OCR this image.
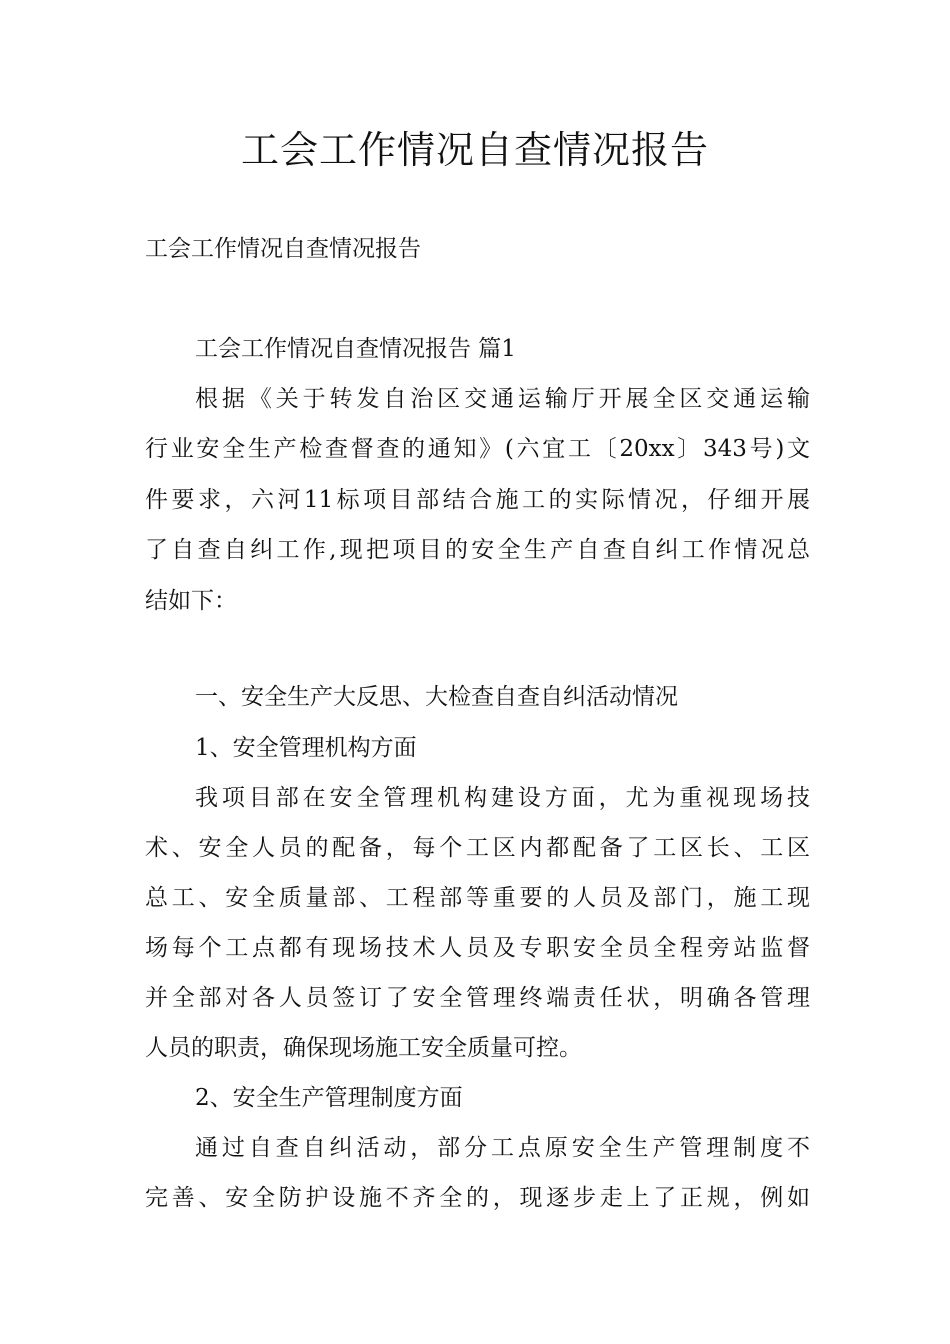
工会工作情况自查情况报告

工会工作情况自查情况报告

工会工作情况自查情况报告 篇1

根据《关于转发自治区交通运输厅开展全区交通运输

行业安全生产检查督查的通知》(六宜工〔20xx〕343号)文

件要求，六河11标项目部结合施工的实际情况，仔细开展

了自查自纠工作,现把项目的安全生产自查自纠工作情况总

结如下：

一、安全生产大反思、大检查自查自纠活动情况

1、安全管理机构方面

我项目部在安全管理机构建设方面，尤为重视现场技

术、安全人员的配备，每个工区内都配备了工区长、工区

总工、安全质量部、工程部等重要的人员及部门，施工现

场每个工点都有现场技术人员及专职安全员全程旁站监督

并全部对各人员签订了安全管理终端责任状，明确各管理

人员的职责，确保现场施工安全质量可控。

2、安全生产管理制度方面

通过自查自纠活动，部分工点原安全生产管理制度不

完善、安全防护设施不齐全的，现逐步走上了正规，例如
